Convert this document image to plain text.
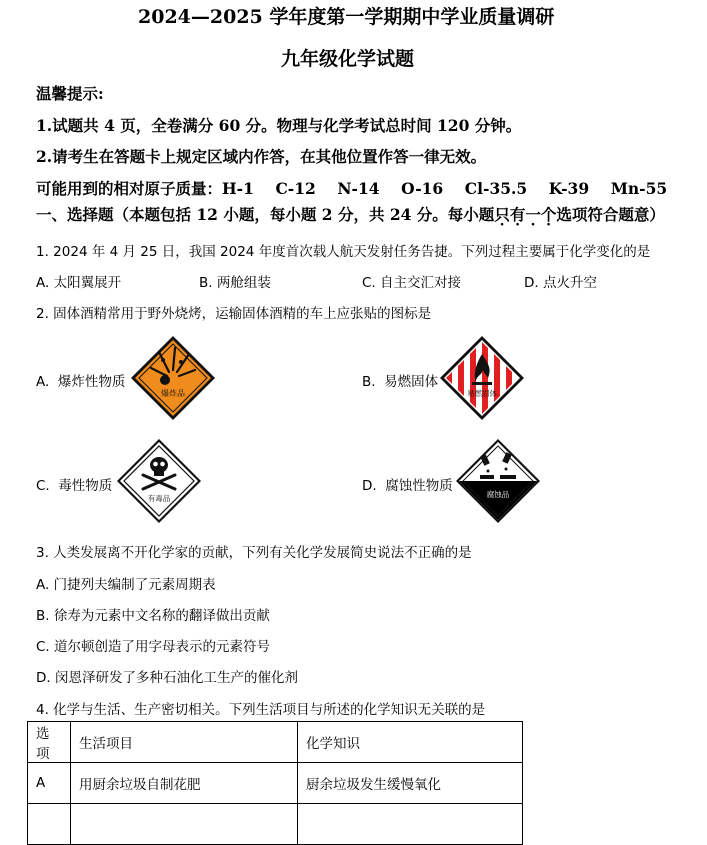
2024—2025 学年度第一学期期中学业质量调研
九年级化学试题
温馨提示:
1.试题共 4 页，全卷满分 60 分。物理与化学考试总时间 120 分钟。
2.请考生在答题卡上规定区域内作答，在其他位置作答一律无效。
可能用到的相对原子质量：H-1    C-12    N-14    O-16    Cl-35.5    K-39    Mn-55
一、选择题（本题包括 12 小题，每小题 2 分，共 24 分。每小题只有一个选项符合题意）
1. 2024 年 4 月 25 日，我国 2024 年度首次载人航天发射任务告捷。下列过程主要属于化学变化的是
A. 太阳翼展开	B. 两舱组装	C. 自主交汇对接	D. 点火升空
2. 固体酒精常用于野外烧烤，运输固体酒精的车上应张贴的图标是
A.  爆炸性物质
爆炸品
B.  易燃固体
易燃固体
C.  毒性物质
有毒品
D.  腐蚀性物质
腐蚀品
3. 人类发展离不开化学家的贡献，下列有关化学发展简史说法不正确的是
A. 门捷列夫编制了元素周期表
B. 徐寿为元素中文名称的翻译做出贡献
C. 道尔顿创造了用字母表示的元素符号
D. 闵恩泽研发了多种石油化工生产的催化剂
4. 化学与生活、生产密切相关。下列生活项目与所述的化学知识无关联的是
选项	生活项目	化学知识
A	用厨余垃圾自制花肥	厨余垃圾发生缓慢氧化
